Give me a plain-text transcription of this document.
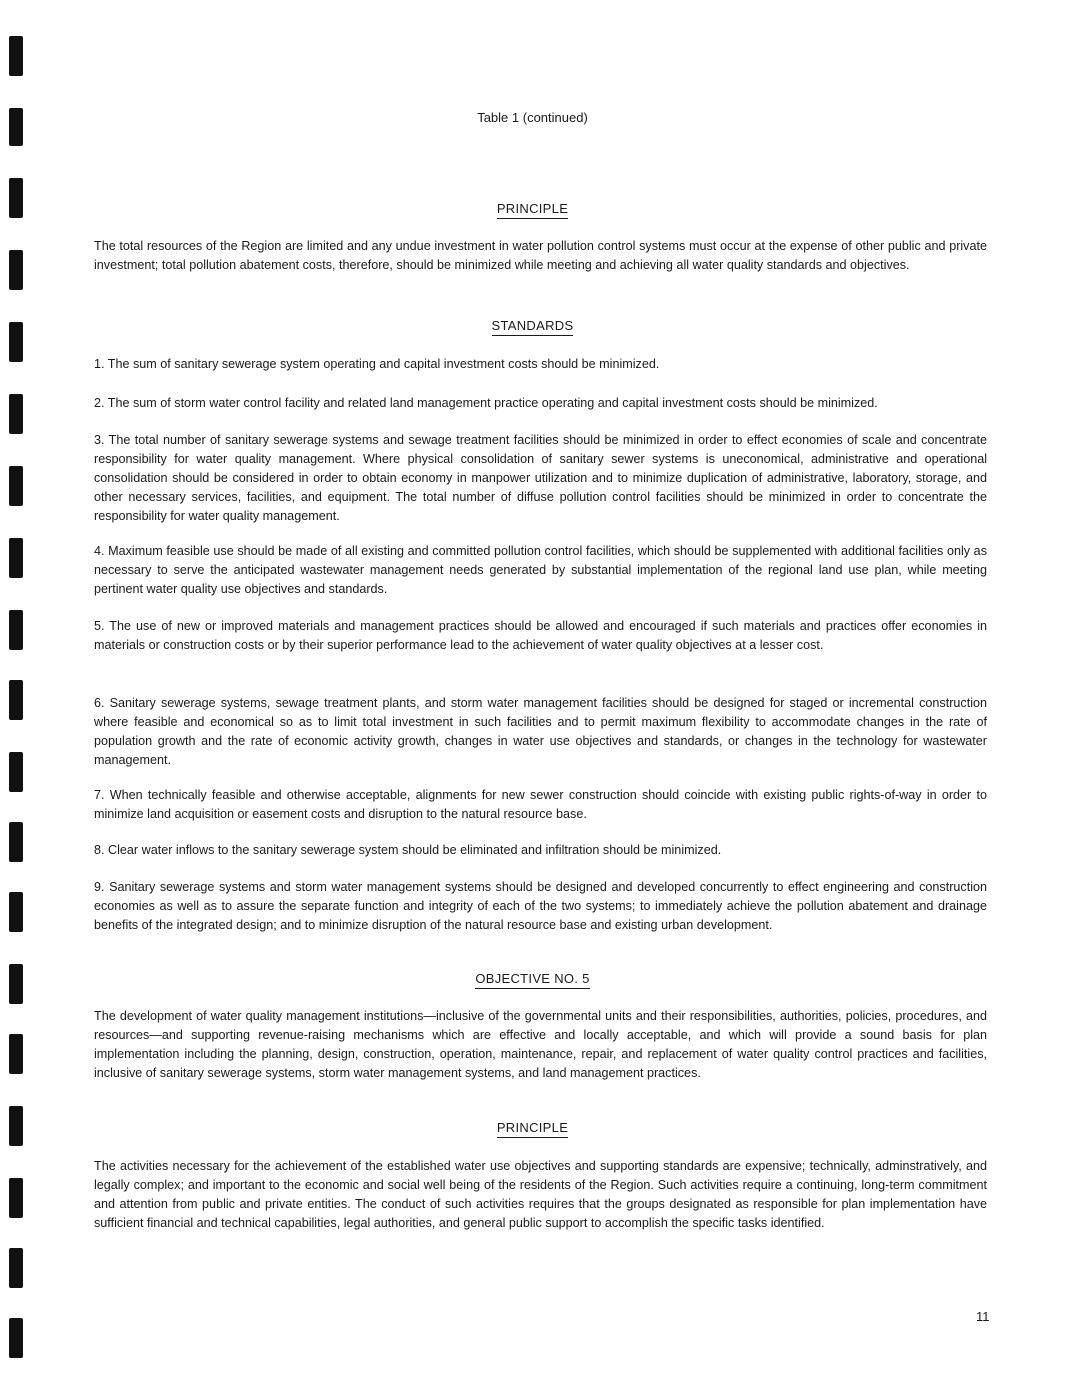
Table 1 (continued)
PRINCIPLE

The total resources of the Region are limited and any undue investment in water pollution control systems must occur at the expense of other public and private investment; total pollution abatement costs, therefore, should be minimized while meeting and achieving all water quality standards and objectives.

STANDARDS

1. The sum of sanitary sewerage system operating and capital investment costs should be minimized.

2. The sum of storm water control facility and related land management practice operating and capital investment costs should be minimized.

3. The total number of sanitary sewerage systems and sewage treatment facilities should be minimized in order to effect economies of scale and concentrate responsibility for water quality management. Where physical consolidation of sanitary sewer systems is uneconomical, administrative and operational consolidation should be considered in order to obtain economy in manpower utilization and to minimize duplication of administrative, laboratory, storage, and other necessary services, facilities, and equipment. The total number of diffuse pollution control facilities should be minimized in order to concentrate the responsibility for water quality management.

4. Maximum feasible use should be made of all existing and committed pollution control facilities, which should be supplemented with additional facilities only as necessary to serve the anticipated wastewater management needs generated by substantial implementation of the regional land use plan, while meeting pertinent water quality use objectives and standards.

5. The use of new or improved materials and management practices should be allowed and encouraged if such materials and practices offer economies in materials or construction costs or by their superior performance lead to the achievement of water quality objectives at a lesser cost.

6. Sanitary sewerage systems, sewage treatment plants, and storm water management facilities should be designed for staged or incremental construction where feasible and economical so as to limit total investment in such facilities and to permit maximum flexibility to accommodate changes in the rate of population growth and the rate of economic activity growth, changes in water use objectives and standards, or changes in the technology for wastewater management.

7. When technically feasible and otherwise acceptable, alignments for new sewer construction should coincide with existing public rights-of-way in order to minimize land acquisition or easement costs and disruption to the natural resource base.

8. Clear water inflows to the sanitary sewerage system should be eliminated and infiltration should be minimized.

9. Sanitary sewerage systems and storm water management systems should be designed and developed concurrently to effect engineering and construction economies as well as to assure the separate function and integrity of each of the two systems; to immediately achieve the pollution abatement and drainage benefits of the integrated design; and to minimize disruption of the natural resource base and existing urban development.

OBJECTIVE NO. 5

The development of water quality management institutions—inclusive of the governmental units and their responsibilities, authorities, policies, procedures, and resources—and supporting revenue-raising mechanisms which are effective and locally acceptable, and which will provide a sound basis for plan implementation including the planning, design, construction, operation, maintenance, repair, and replacement of water quality control practices and facilities, inclusive of sanitary sewerage systems, storm water management systems, and land management practices.

PRINCIPLE

The activities necessary for the achievement of the established water use objectives and supporting standards are expensive; technically, adminstratively, and legally complex; and important to the economic and social well being of the residents of the Region. Such activities require a continuing, long-term commitment and attention from public and private entities. The conduct of such activities requires that the groups designated as responsible for plan implementation have sufficient financial and technical capabilities, legal authorities, and general public support to accomplish the specific tasks identified.

11
